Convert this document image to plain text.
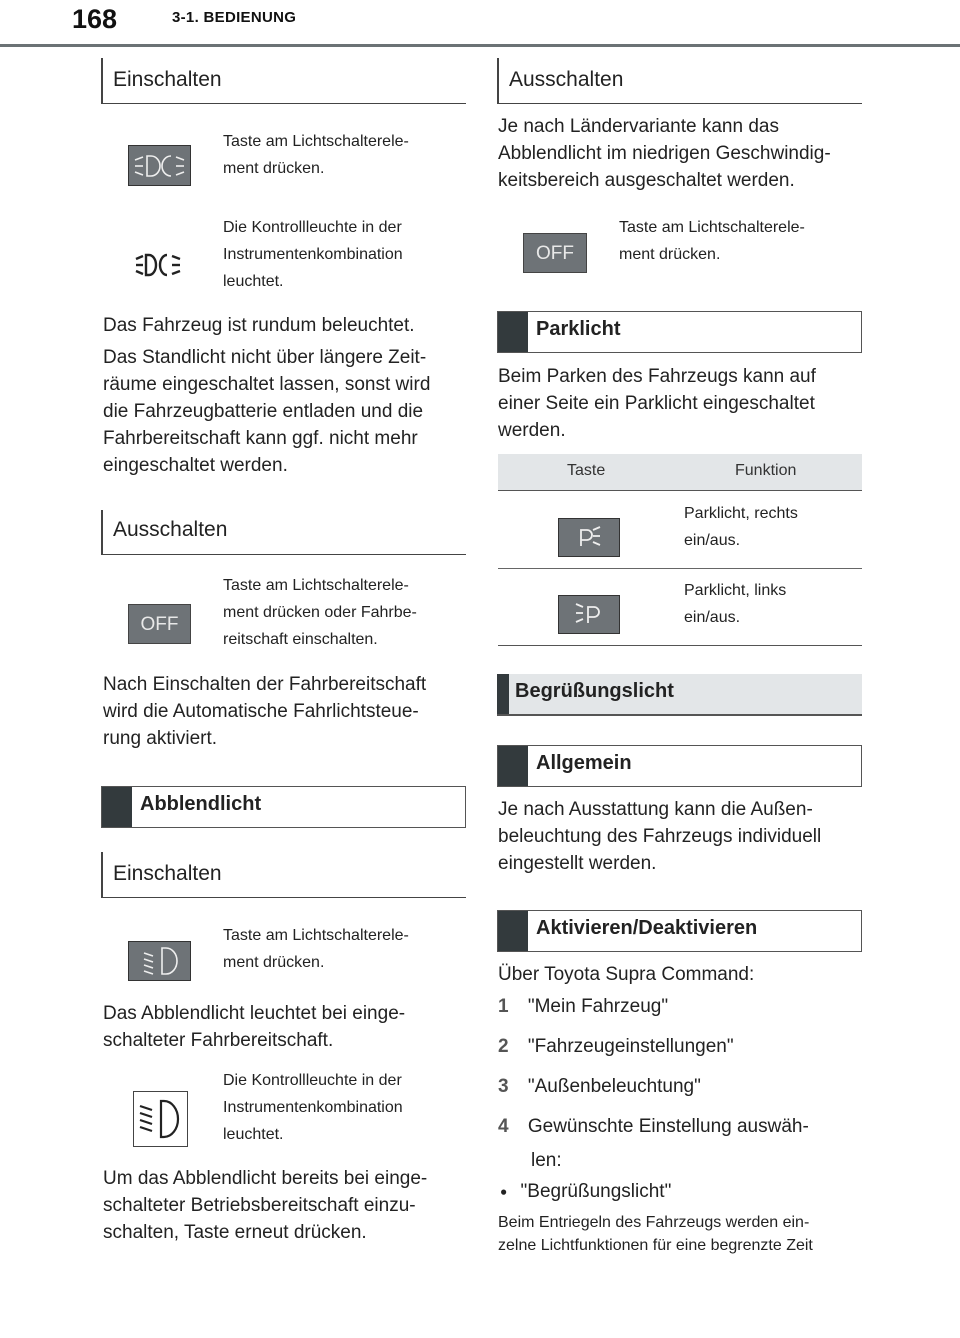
168	3-1. BEDIENUNG
Einschalten
Taste am Lichtschalterele-
ment drücken.
Die Kontrollleuchte in der
Instrumentenkombination
leuchtet.
Das Fahrzeug ist rundum beleuchtet.

Das Standlicht nicht über längere Zeit-

räume eingeschaltet lassen, sonst wird

die Fahrzeugbatterie entladen und die

Fahrbereitschaft kann ggf. nicht mehr

eingeschaltet werden.

Ausschalten
OFF
Taste am Lichtschalterele-
ment drücken oder Fahrbe-
reitschaft einschalten.

Nach Einschalten der Fahrbereitschaft

wird die Automatische Fahrlichtsteue-

rung aktiviert.

Abblendlicht
Einschalten
Taste am Lichtschalterele-
ment drücken.

Das Abblendlicht leuchtet bei einge-

schalteter Fahrbereitschaft.

Die Kontrollleuchte in der
Instrumentenkombination
leuchtet.

Um das Abblendlicht bereits bei einge-

schalteter Betriebsbereitschaft einzu-

schalten, Taste erneut drücken.

Ausschalten

Je nach Ländervariante kann das

Abblendlicht im niedrigen Geschwindig-

keitsbereich ausgeschaltet werden.

OFF
Taste am Lichtschalterele-
ment drücken.
Parklicht

Beim Parken des Fahrzeugs kann auf

einer Seite ein Parklicht eingeschaltet

werden.

Taste	Funktion
Parklicht, rechts
ein/aus.
Parklicht, links
ein/aus.
Begrüßungslicht
Allgemein

Je nach Ausstattung kann die Außen-

beleuchtung des Fahrzeugs individuell

eingestellt werden.

Aktivieren/Deaktivieren
Über Toyota Supra Command:
1 "Mein Fahrzeug"
2 "Fahrzeugeinstellungen"
3 "Außenbeleuchtung"
4 Gewünschte Einstellung auswäh-
len:
● "Begrüßungslicht"
Beim Entriegeln des Fahrzeugs werden ein-
zelne Lichtfunktionen für eine begrenzte Zeit
